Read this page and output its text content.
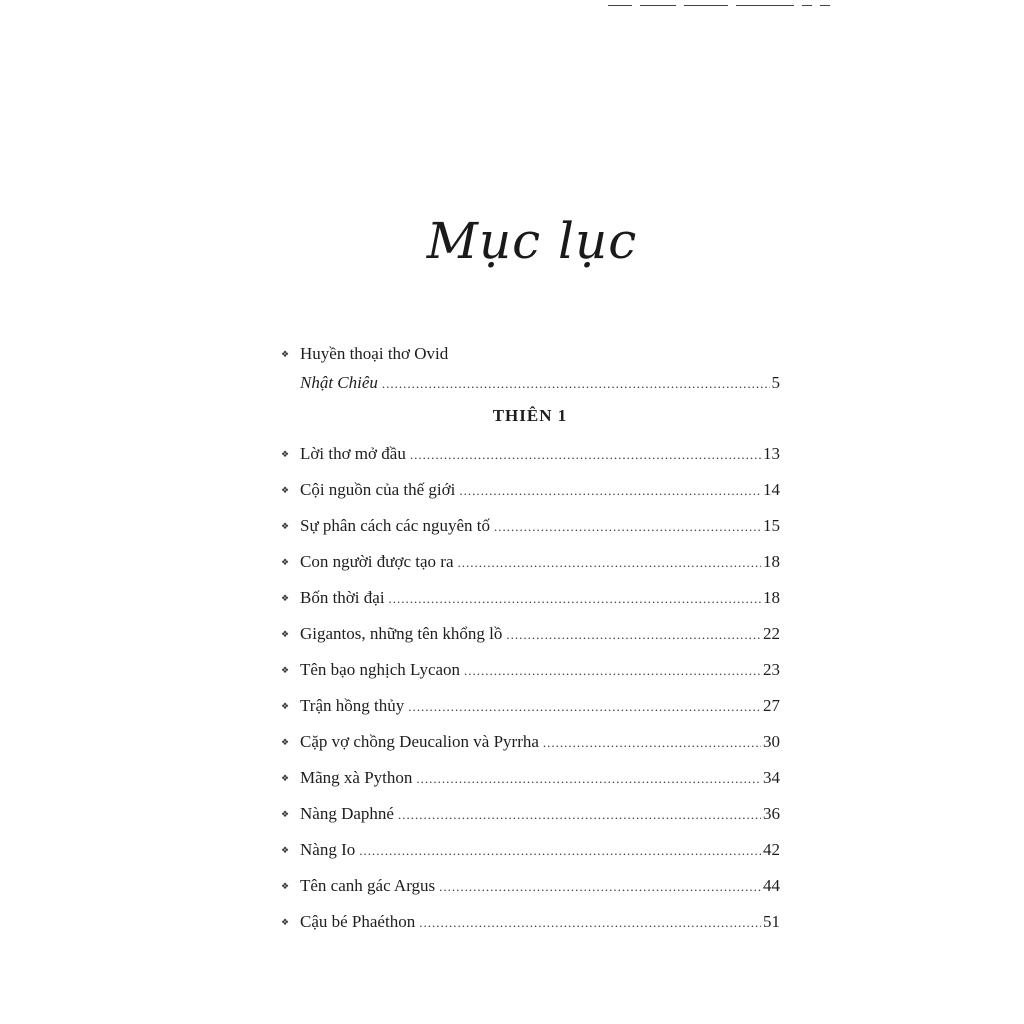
Mục lục
❖ Huyền thoại thơ Ovid
Nhật Chiêu .....	5
❖ Lời thơ mở đầu .....	13
❖ Cội nguồn của thế giới .....	14
❖ Sự phân cách các nguyên tố .....	15
❖ Con người được tạo ra .....	18
❖ Bốn thời đại .....	18
❖ Gigantos, những tên khổng lồ .....	22
❖ Tên bạo nghịch Lycaon .....	23
❖ Trận hồng thủy .....	27
❖ Cặp vợ chồng Deucalion và Pyrrha .....	30
❖ Mãng xà Python .....	34
❖ Nàng Daphné .....	36
❖ Nàng Io .....	42
❖ Tên canh gác Argus .....	44
❖ Cậu bé Phaéthon .....	51
THIÊN 1
